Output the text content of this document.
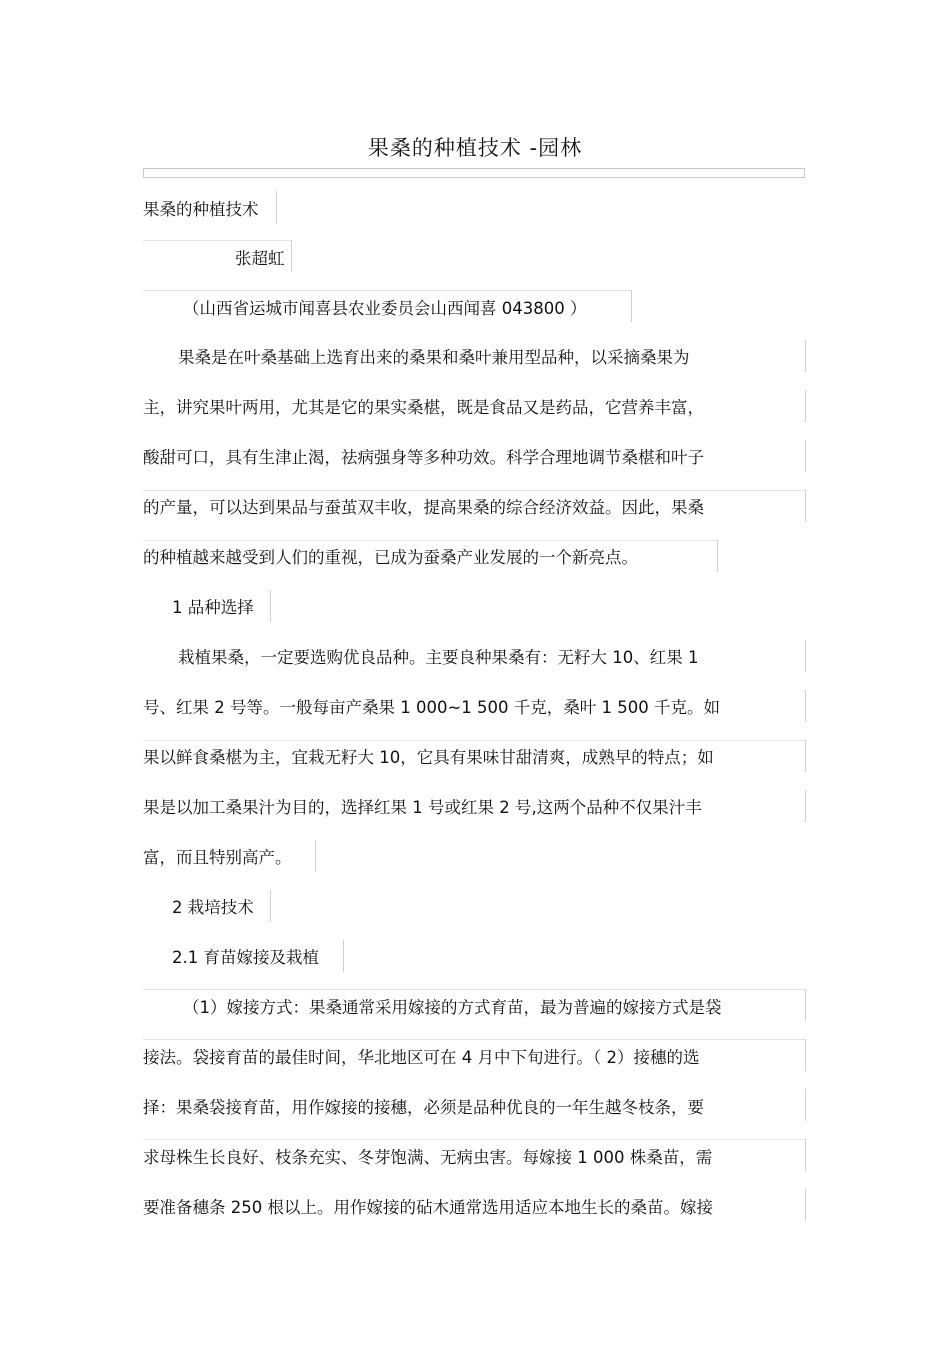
果桑的种植技术 -园林
果桑的种植技术
张超虹
（山西省运城市闻喜县农业委员会山西闻喜 043800 ）
果桑是在叶桑基础上选育出来的桑果和桑叶兼用型品种，以采摘桑果为
主，讲究果叶两用，尤其是它的果实桑椹，既是食品又是药品，它营养丰富，
酸甜可口，具有生津止渴，祛病强身等多种功效。科学合理地调节桑椹和叶子
的产量，可以达到果品与蚕茧双丰收，提高果桑的综合经济效益。因此，果桑
的种植越来越受到人们的重视，已成为蚕桑产业发展的一个新亮点。
1 品种选择
栽植果桑，一定要选购优良品种。主要良种果桑有：无籽大 10、红果 1
号、红果 2 号等。一般每亩产桑果 1 000~1 500 千克，桑叶 1 500 千克。如
果以鲜食桑椹为主，宜栽无籽大 10，它具有果味甘甜清爽，成熟早的特点；如
果是以加工桑果汁为目的，选择红果 1 号或红果 2 号,这两个品种不仅果汁丰
富，而且特别高产。
2 栽培技术
2.1 育苗嫁接及栽植
（1）嫁接方式：果桑通常采用嫁接的方式育苗，最为普遍的嫁接方式是袋
接法。袋接育苗的最佳时间，华北地区可在 4 月中下旬进行。（ 2）接穗的选
择：果桑袋接育苗，用作嫁接的接穗，必须是品种优良的一年生越冬枝条，要
求母株生长良好、枝条充实、冬芽饱满、无病虫害。每嫁接 1 000 株桑苗，需
要准备穗条 250 根以上。用作嫁接的砧木通常选用适应本地生长的桑苗。嫁接
